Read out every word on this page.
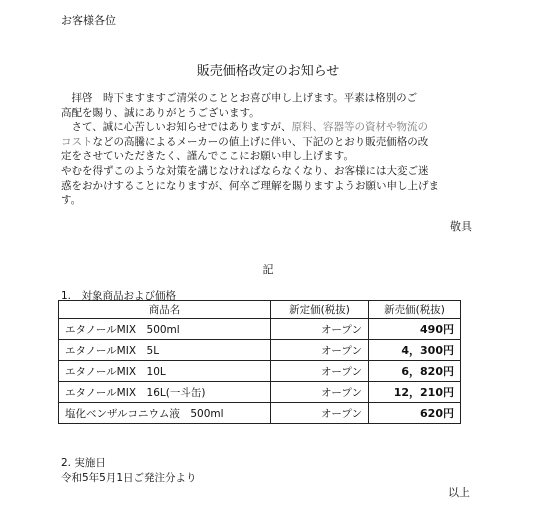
お客様各位
販売価格改定のお知らせ
　拝啓　時下ますますご清栄のこととお喜び申し上げます。平素は格別のご
高配を賜り、誠にありがとうございます。
　さて、誠に心苦しいお知らせではありますが、原料、容器等の資材や物流の
コストなどの高騰によるメーカーの値上げに伴い、下記のとおり販売価格の改
定をさせていただきたく、謹んでここにお願い申し上げます。
やむを得ずこのような対策を講じなければならなくなり、お客様には大変ご迷
惑をおかけすることになりますが、何卒ご理解を賜りますようお願い申し上げま
す。
敬具
記
1.　対象商品および価格
商品名	新定価(税抜)	新売価(税抜)
エタノールMIX　500ml	オープン	490円
エタノールMIX　5L	オープン	4，300円
エタノールMIX　10L	オープン	6，820円
エタノールMIX　16L(一斗缶)	オープン	12，210円
塩化ベンザルコニウム液　500ml	オープン	620円
2. 実施日
令和5年5月1日ご発注分より
以上
